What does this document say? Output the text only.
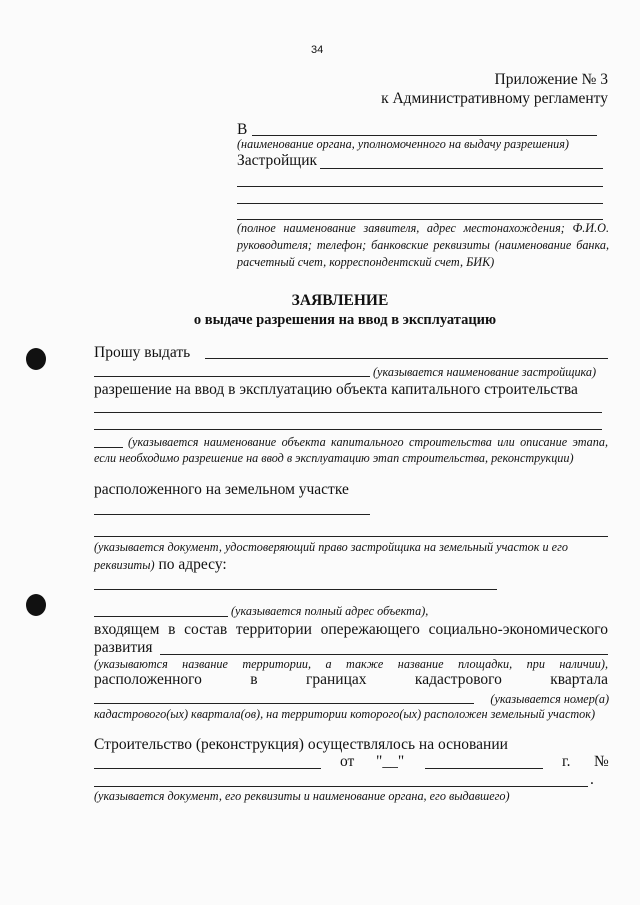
34
Приложение № 3
к Административному регламенту
В
(наименование органа, уполномоченного на выдачу разрешения)
Застройщик
(полное наименование заявителя, адрес местонахождения; Ф.И.О. руководителя; телефон; банковские реквизиты (наименование банка, расчетный счет, корреспондентский счет, БИК)
ЗАЯВЛЕНИЕ
о выдаче разрешения на ввод в эксплуатацию
Прошу выдать
(указывается наименование застройщика)
разрешение на ввод в эксплуатацию объекта капитального строительства
(указывается наименование объекта капитального строительства или описание этапа, если необходимо разрешение на ввод в эксплуатацию этап строительства, реконструкции)
расположенного на земельном участке
(указывается документ, удостоверяющий право застройщика на земельный участок и его
реквизиты) по адресу:
(указывается полный адрес объекта),
входящем в состав территории опережающего социально-экономического
развития
(указываются название территории, а также название площадки, при наличии),
расположенного	в	границах	кадастрового	квартала
(указывается номер(а)
кадастрового(ых) квартала(ов), на территории которого(ых) расположен земельный участок)
Строительство (реконструкция) осуществлялось на основании
от "__"	г. №
.
(указывается документ, его реквизиты и наименование органа, его выдавшего)
